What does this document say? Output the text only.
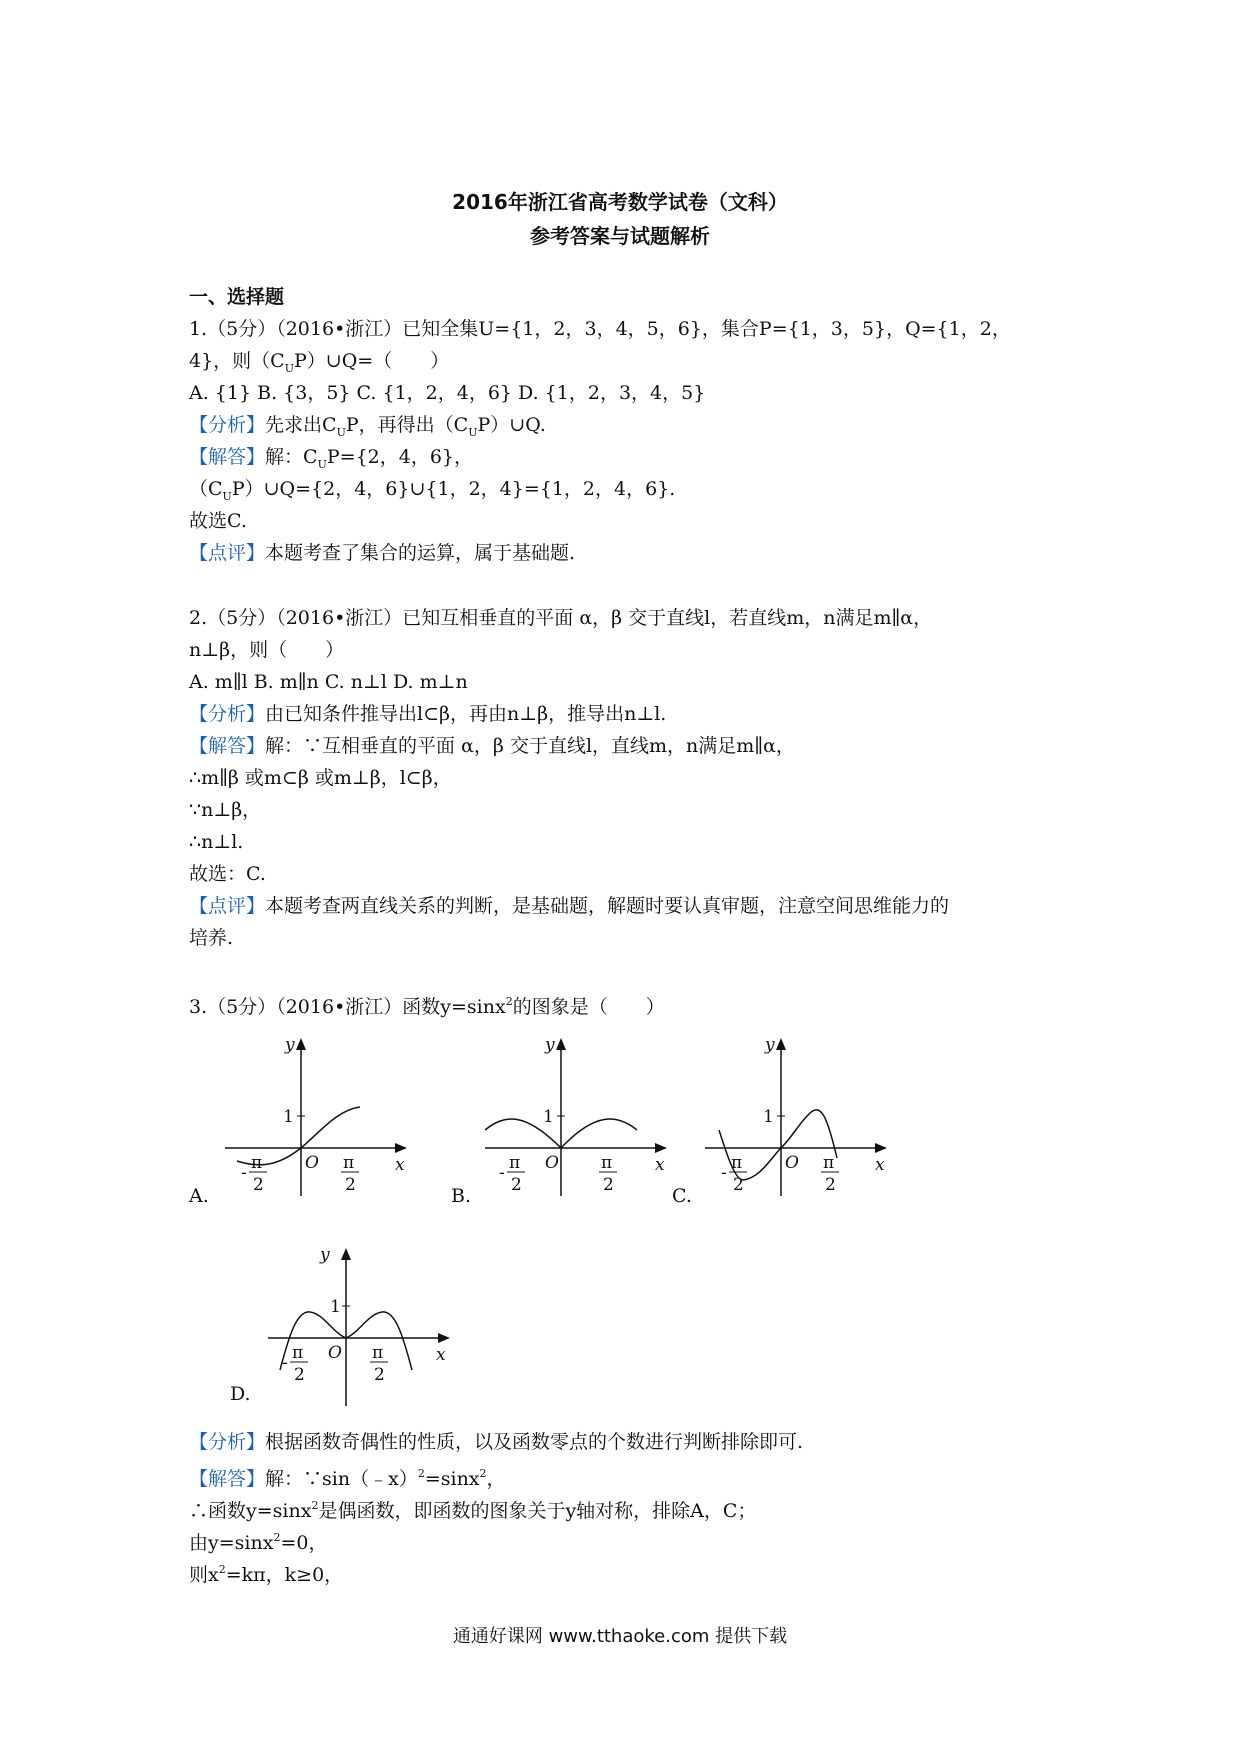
2016年浙江省高考数学试卷（文科）
参考答案与试题解析
一、选择题
1.（5分）（2016•浙江）已知全集U={1，2，3，4，5，6}，集合P={1，3，5}，Q={1，2，
4}，则$(C_UP)\cup Q=$（　　）
A. {1} B. {3，5} C. {1，2，4，6} D. {1，2，3，4，5}
【分析】先求出$C_UP$，再得出$(C_UP)\cup Q$.
【解答】解：$C_UP=\{2$，4，6}，
$(C_UP)\cup Q=\{2$，4，6}∪{1，2，4}={1，2，4，6}.
故选C.
【点评】本题考查了集合的运算，属于基础题.
2.（5分）（2016•浙江）已知互相垂直的平面 α，β 交于直线l，若直线m，n满足m∥α，
n⊥β，则（　　）
A. m∥l B. m∥n C. n⊥l D. m⊥n
【分析】由已知条件推导出l⊂β，再由n⊥β，推导出n⊥l.
【解答】解：∵互相垂直的平面 α，β 交于直线l，直线m，n满足m∥α，
∴m∥β 或m⊂β 或m⊥β，l⊂β，
∵n⊥β，
∴n⊥l.
故选：C.
【点评】本题考查两直线关系的判断，是基础题，解题时要认真审题，注意空间思维能力的
培养.
3.（5分）（2016•浙江）函数y=sinx$^2$的图象是（　　）
y
x
1
O
- π
2
π
2
A.
y
x
1
O
- π
2
π
2
B.
y
x
1
O
- π
2
π
2
C.
y
x
1
O
- π
2
π
2
D.
【分析】根据函数奇偶性的性质，以及函数零点的个数进行判断排除即可.
【解答】解：∵sin（﹣x）$^2$=sinx$^2$，
∴函数y=sinx$^2$是偶函数，即函数的图象关于y轴对称，排除A，C；
由y=sinx$^2$=0，
则$x^2=k\pi$，k≥0，
通通好课网 www.tthaoke.com 提供下载
